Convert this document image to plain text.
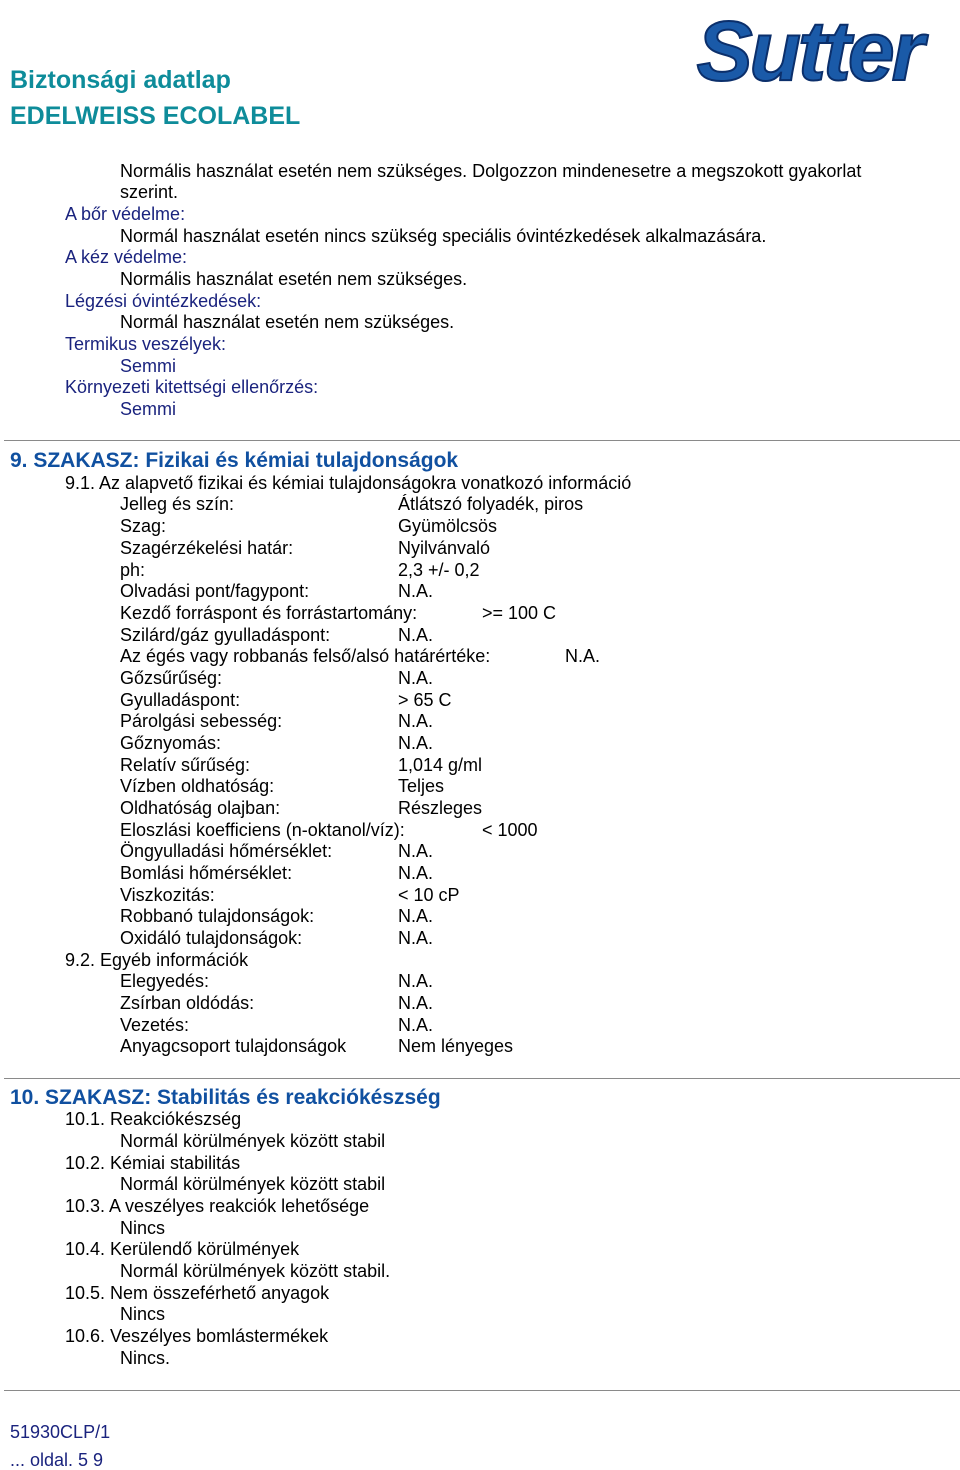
Biztonsági adatlap
EDELWEISS ECOLABEL
Sutter
Normális használat esetén nem szükséges. Dolgozzon mindenesetre a megszokott gyakorlat
szerint.
A bőr védelme:
Normál használat esetén nincs szükség speciális óvintézkedések alkalmazására.
A kéz védelme:
Normális használat esetén nem szükséges.
Légzési óvintézkedések:
Normál használat esetén nem szükséges.
Termikus veszélyek:
Semmi
Környezeti kitettségi ellenőrzés:
Semmi
9. SZAKASZ: Fizikai és kémiai tulajdonságok
9.1. Az alapvető fizikai és kémiai tulajdonságokra vonatkozó információ
Jelleg és szín:	Átlátszó folyadék, piros
Szag:	Gyümölcsös
Szagérzékelési határ:	Nyilvánvaló
ph:	2,3 +/- 0,2
Olvadási pont/fagypont:	N.A.
Kezdő forráspont és forrástartomány:	>= 100 C
Szilárd/gáz gyulladáspont:	N.A.
Az égés vagy robbanás felső/alsó határértéke:	N.A.
Gőzsűrűség:	N.A.
Gyulladáspont:	> 65 C
Párolgási sebesség:	N.A.
Gőznyomás:	N.A.
Relatív sűrűség:	1,014 g/ml
Vízben oldhatóság:	Teljes
Oldhatóság olajban:	Részleges
Eloszlási koefficiens (n-oktanol/víz):	< 1000
Öngyulladási hőmérséklet:	N.A.
Bomlási hőmérséklet:	N.A.
Viszkozitás:	< 10 cP
Robbanó tulajdonságok:	N.A.
Oxidáló tulajdonságok:	N.A.
9.2. Egyéb információk
Elegyedés:	N.A.
Zsírban oldódás:	N.A.
Vezetés:	N.A.
Anyagcsoport tulajdonságok	Nem lényeges
10. SZAKASZ: Stabilitás és reakciókészség
10.1. Reakciókészség
Normál körülmények között stabil
10.2. Kémiai stabilitás
Normál körülmények között stabil
10.3. A veszélyes reakciók lehetősége
Nincs
10.4. Kerülendő körülmények
Normál körülmények között stabil.
10.5. Nem összeférhető anyagok
Nincs
10.6. Veszélyes bomlástermékek
Nincs.
51930CLP/1
... oldal. 5 9
